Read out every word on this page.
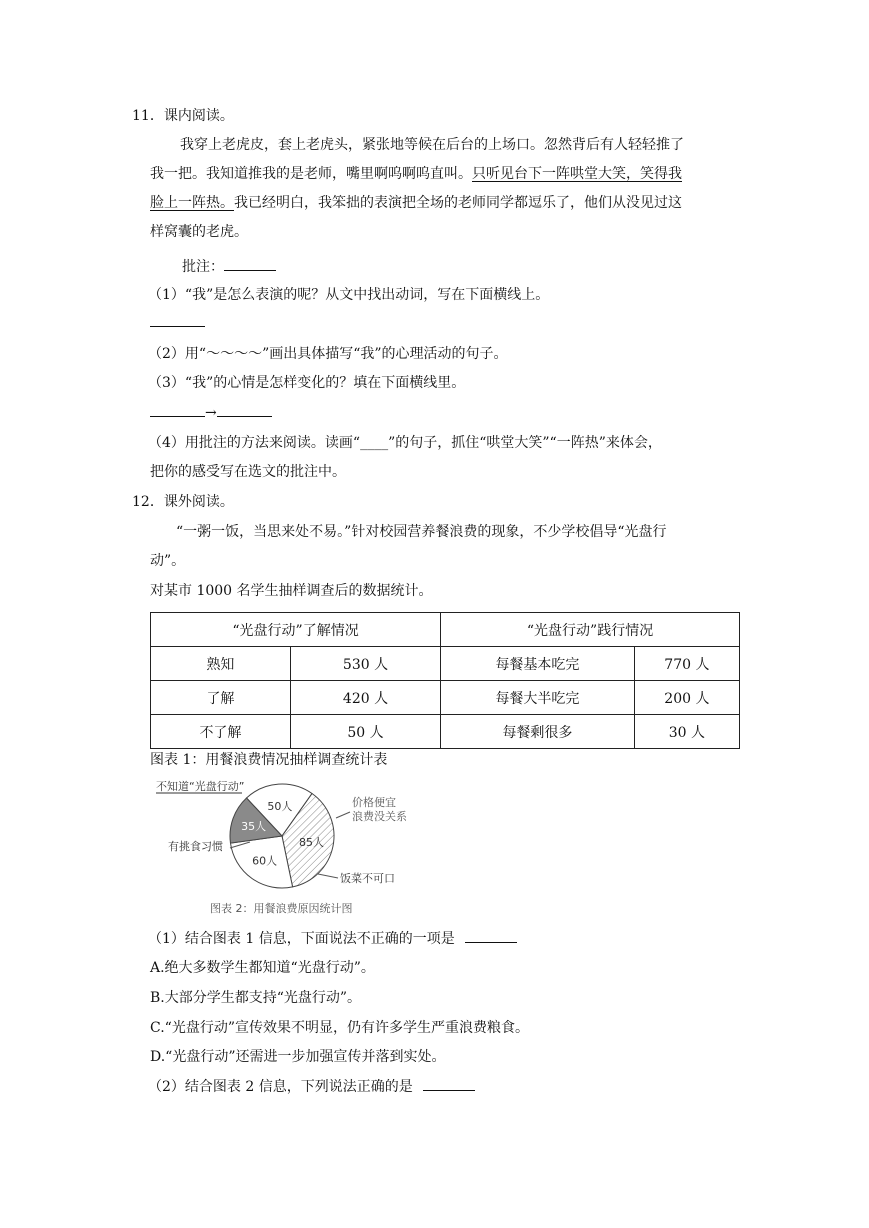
11．课内阅读。
我穿上老虎皮，套上老虎头，紧张地等候在后台的上场口。忽然背后有人轻轻推了
我一把。我知道推我的是老师，嘴里啊呜啊呜直叫。只听见台下一阵哄堂大笑，笑得我
脸上一阵热。我已经明白，我笨拙的表演把全场的老师同学都逗乐了，他们从没见过这
样窝囊的老虎。
批注：
（1）“我”是怎么表演的呢？从文中找出动词，写在下面横线上。
（2）用“～～～～”画出具体描写“我”的心理活动的句子。
（3）“我”的心情是怎样变化的？填在下面横线里。
→
（4）用批注的方法来阅读。读画“____”的句子，抓住“哄堂大笑”“一阵热”来体会，
把你的感受写在选文的批注中。
12．课外阅读。
“一粥一饭，当思来处不易。”针对校园营养餐浪费的现象，不少学校倡导“光盘行
动”。
对某市 1000 名学生抽样调查后的数据统计。
“光盘行动”了解情况		“光盘行动”践行情况	
熟知	530 人	每餐基本吃完	770 人
了解	420 人	每餐大半吃完	200 人
不了解	50 人	每餐剩很多	30 人
图表 1：用餐浪费情况抽样调查统计表
50人
85人
60人
35人
不知道“光盘行动”
价格便宜
浪费没关系
有挑食习惯
饭菜不可口
图表 2：用餐浪费原因统计图
（1）结合图表 1 信息，下面说法不正确的一项是
A.绝大多数学生都知道“光盘行动”。
B.大部分学生都支持“光盘行动”。
C.“光盘行动”宣传效果不明显，仍有许多学生严重浪费粮食。
D.“光盘行动”还需进一步加强宣传并落到实处。
（2）结合图表 2 信息，下列说法正确的是
